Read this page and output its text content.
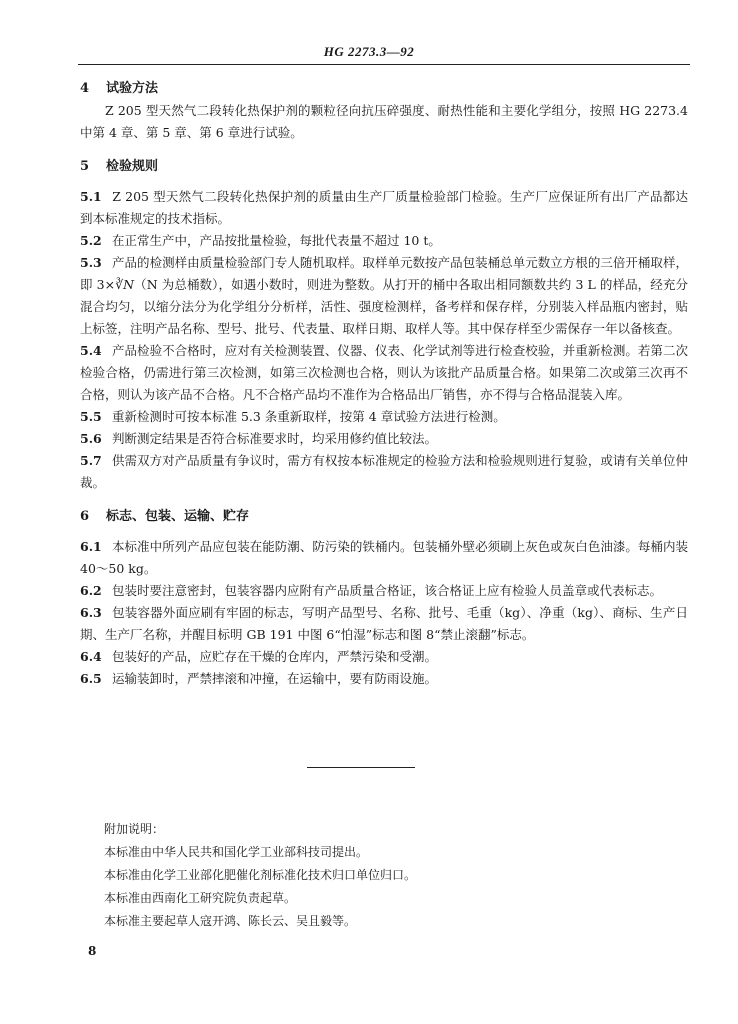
HG 2273.3—92

4 试验方法

Z 205 型天然气二段转化热保护剂的颗粒径向抗压碎强度、耐热性能和主要化学组分，按照 HG 2273.4 中第 4 章、第 5 章、第 6 章进行试验。

5 检验规则

5.1 Z 205 型天然气二段转化热保护剂的质量由生产厂质量检验部门检验。生产厂应保证所有出厂产品都达到本标准规定的技术指标。

5.2 在正常生产中，产品按批量检验，每批代表量不超过 10 t。

5.3 产品的检测样由质量检验部门专人随机取样。取样单元数按产品包装桶总单元数立方根的三倍开桶取样，即 3×∛N（N 为总桶数），如遇小数时，则进为整数。从打开的桶中各取出相同额数共约 3 L 的样品，经充分混合均匀，以缩分法分为化学组分分析样，活性、强度检测样，备考样和保存样，分别装入样品瓶内密封，贴上标签，注明产品名称、型号、批号、代表量、取样日期、取样人等。其中保存样至少需保存一年以备核查。

5.4 产品检验不合格时，应对有关检测装置、仪器、仪表、化学试剂等进行检查校验，并重新检测。若第二次检验合格，仍需进行第三次检测，如第三次检测也合格，则认为该批产品质量合格。如果第二次或第三次再不合格，则认为该产品不合格。凡不合格产品均不准作为合格品出厂销售，亦不得与合格品混装入库。

5.5 重新检测时可按本标准 5.3 条重新取样，按第 4 章试验方法进行检测。

5.6 判断测定结果是否符合标准要求时，均采用修约值比较法。

5.7 供需双方对产品质量有争议时，需方有权按本标准规定的检验方法和检验规则进行复验，或请有关单位仲裁。

6 标志、包装、运输、贮存

6.1 本标准中所列产品应包装在能防潮、防污染的铁桶内。包装桶外壁必须刷上灰色或灰白色油漆。每桶内装 40～50 kg。

6.2 包装时要注意密封，包装容器内应附有产品质量合格证，该合格证上应有检验人员盖章或代表标志。

6.3 包装容器外面应刷有牢固的标志，写明产品型号、名称、批号、毛重（kg）、净重（kg）、商标、生产日期、生产厂名称，并醒目标明 GB 191 中图 6“怕湿”标志和图 8“禁止滚翻”标志。

6.4 包装好的产品，应贮存在干燥的仓库内，严禁污染和受潮。

6.5 运输装卸时，严禁摔滚和冲撞，在运输中，要有防雨设施。

附加说明：
本标准由中华人民共和国化学工业部科技司提出。
本标准由化学工业部化肥催化剂标准化技术归口单位归口。
本标准由西南化工研究院负责起草。
本标准主要起草人寇开鸿、陈长云、吴且毅等。
8
